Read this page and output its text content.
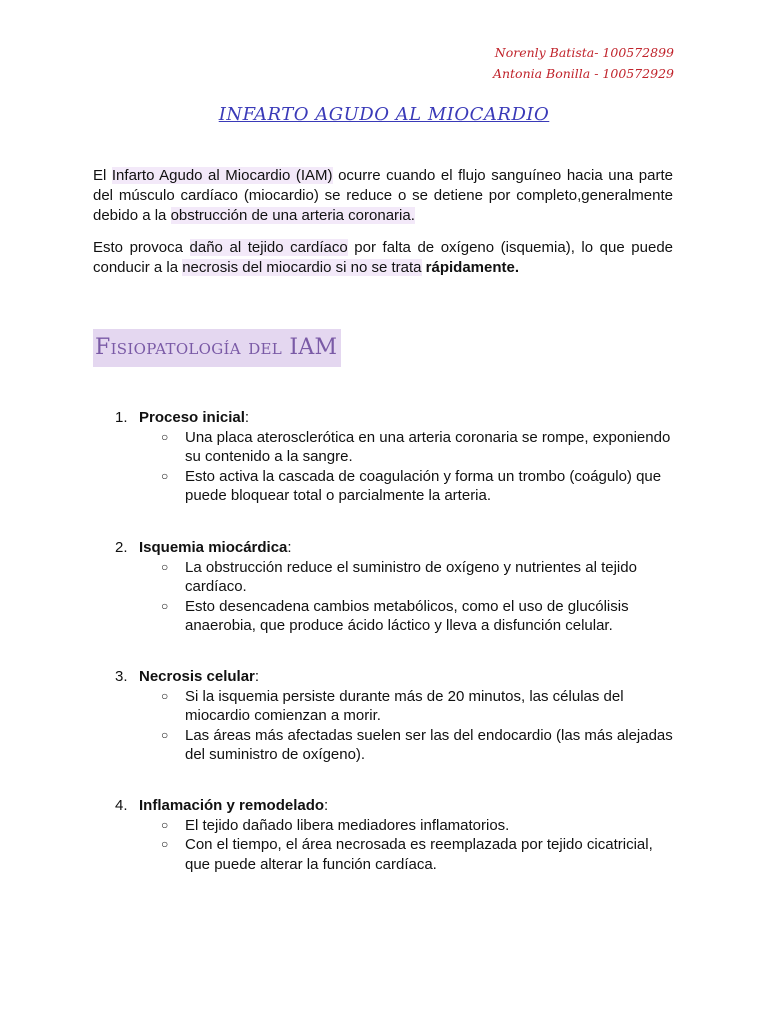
Norenly Batista- 100572899
Antonia Bonilla - 100572929
INFARTO AGUDO AL MIOCARDIO
El Infarto Agudo al Miocardio (IAM) ocurre cuando el flujo sanguíneo hacia una parte del músculo cardíaco (miocardio) se reduce o se detiene por completo,generalmente debido a la obstrucción de una arteria coronaria.
Esto provoca daño al tejido cardíaco por falta de oxígeno (isquemia), lo que puede conducir a la necrosis del miocardio si no se trata rápidamente.
Fisiopatología del IAM
1. Proceso inicial:
○	Una placa aterosclerótica en una arteria coronaria se rompe, exponiendo su contenido a la sangre.
○	Esto activa la cascada de coagulación y forma un trombo (coágulo) que puede bloquear total o parcialmente la arteria.
2. Isquemia miocárdica:
○	La obstrucción reduce el suministro de oxígeno y nutrientes al tejido cardíaco.
○	Esto desencadena cambios metabólicos, como el uso de glucólisis anaerobia, que produce ácido láctico y lleva a disfunción celular.
3. Necrosis celular:
○	Si la isquemia persiste durante más de 20 minutos, las células del miocardio comienzan a morir.
○	Las áreas más afectadas suelen ser las del endocardio (las más alejadas del suministro de oxígeno).
4. Inflamación y remodelado:
○	El tejido dañado libera mediadores inflamatorios.
○	Con el tiempo, el área necrosada es reemplazada por tejido cicatricial, que puede alterar la función cardíaca.
